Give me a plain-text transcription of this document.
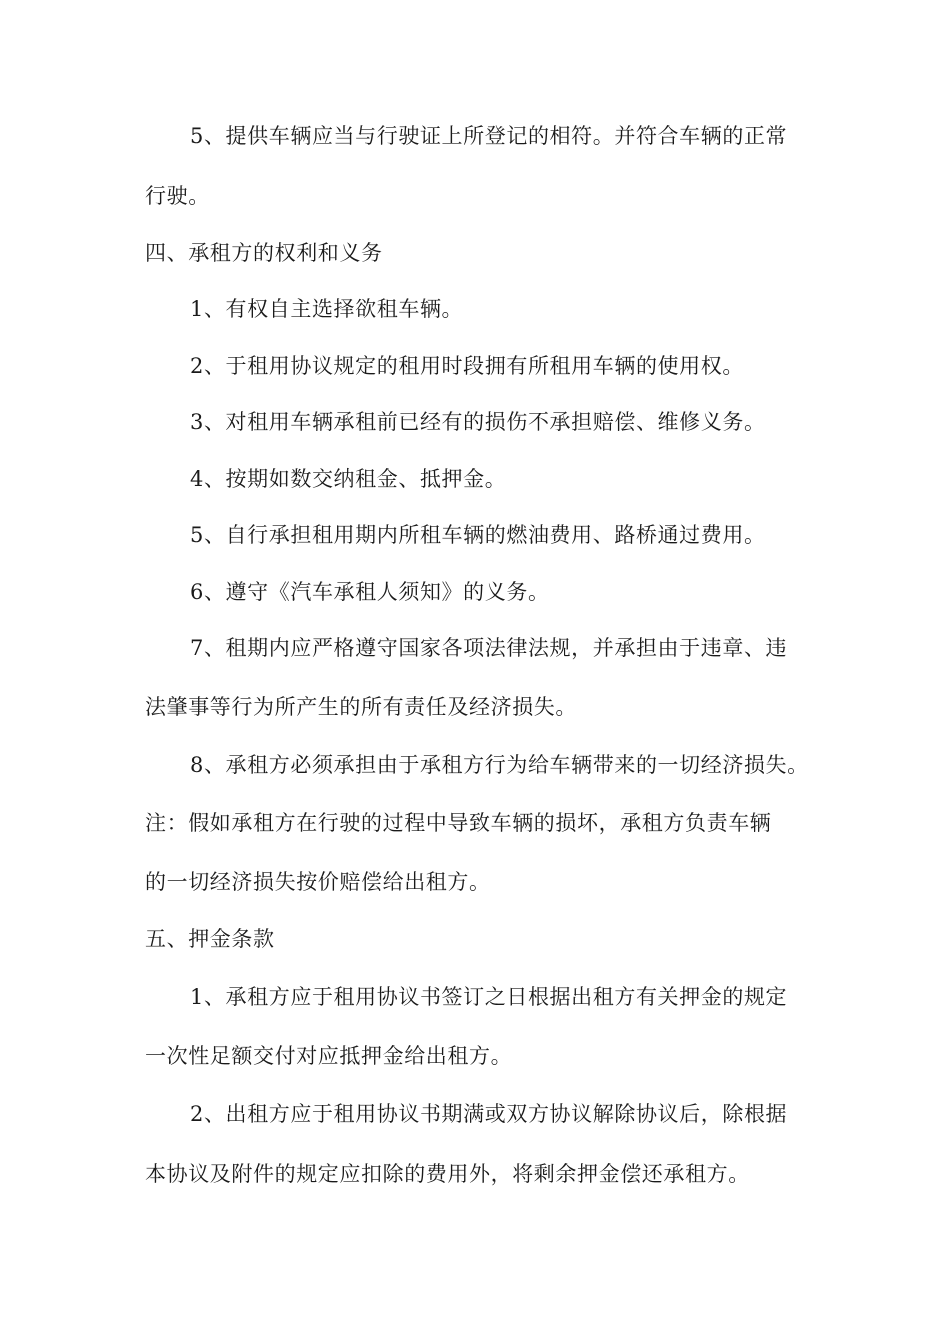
5、提供车辆应当与行驶证上所登记的相符。并符合车辆的正常
行驶。
四、承租方的权利和义务
1、有权自主选择欲租车辆。
2、于租用协议规定的租用时段拥有所租用车辆的使用权。
3、对租用车辆承租前已经有的损伤不承担赔偿、维修义务。
4、按期如数交纳租金、抵押金。
5、自行承担租用期内所租车辆的燃油费用、路桥通过费用。
6、遵守《汽车承租人须知》的义务。
7、租期内应严格遵守国家各项法律法规，并承担由于违章、违
法肇事等行为所产生的所有责任及经济损失。
8、承租方必须承担由于承租方行为给车辆带来的一切经济损失。
注：假如承租方在行驶的过程中导致车辆的损坏，承租方负责车辆
的一切经济损失按价赔偿给出租方。
五、押金条款
1、承租方应于租用协议书签订之日根据出租方有关押金的规定
一次性足额交付对应抵押金给出租方。
2、出租方应于租用协议书期满或双方协议解除协议后，除根据
本协议及附件的规定应扣除的费用外，将剩余押金偿还承租方。
